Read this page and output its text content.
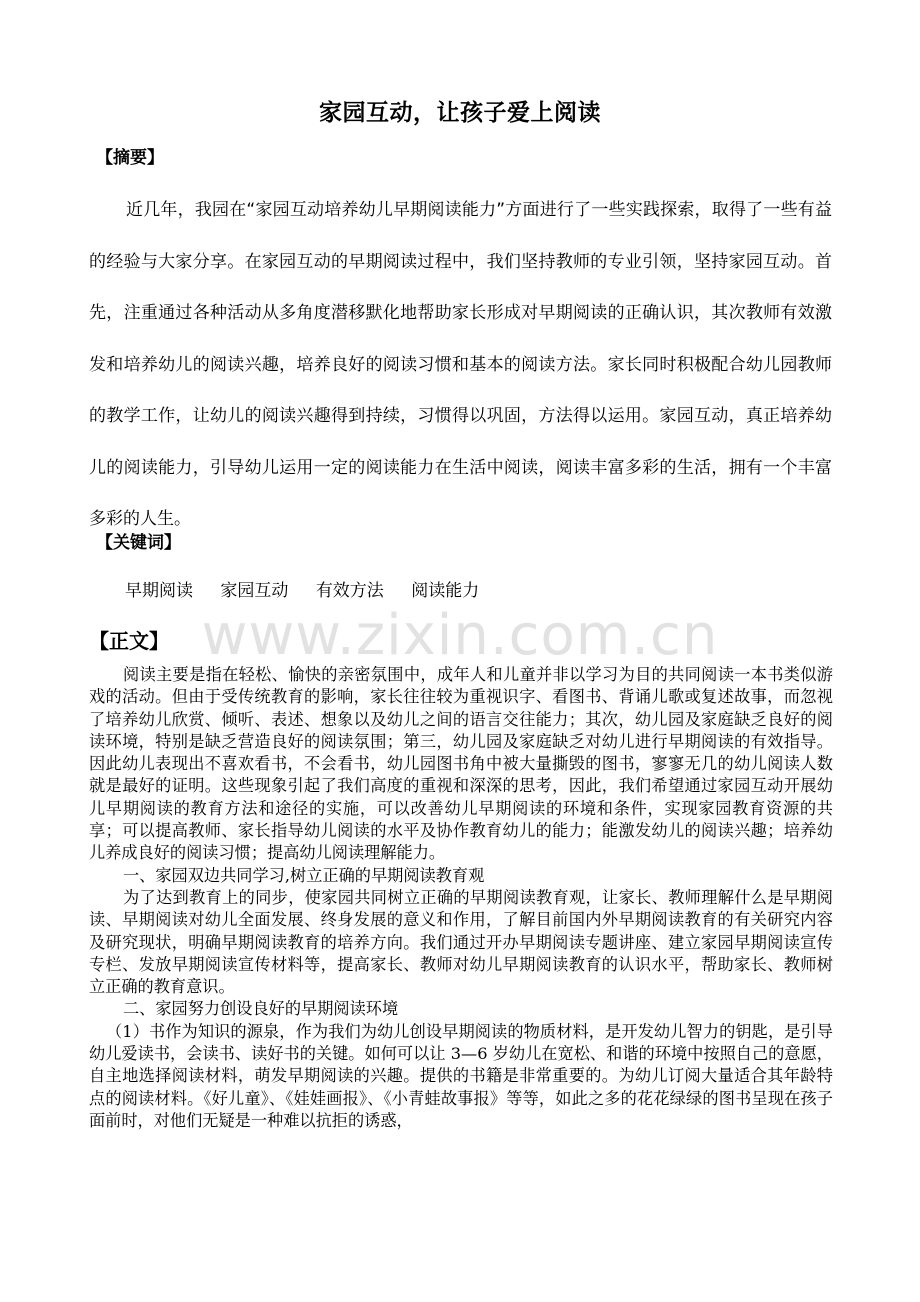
家园互动，让孩子爱上阅读
【摘要】

近几年，我园在“家园互动培养幼儿早期阅读能力”方面进行了一些实践探索，取得了一些有益的经验与大家分享。在家园互动的早期阅读过程中，我们坚持教师的专业引领，坚持家园互动。首先，注重通过各种活动从多角度潜移默化地帮助家长形成对早期阅读的正确认识，其次教师有效激发和培养幼儿的阅读兴趣，培养良好的阅读习惯和基本的阅读方法。家长同时积极配合幼儿园教师的教学工作，让幼儿的阅读兴趣得到持续，习惯得以巩固，方法得以运用。家园互动，真正培养幼儿的阅读能力，引导幼儿运用一定的阅读能力在生活中阅读，阅读丰富多彩的生活，拥有一个丰富多彩的人生。

【关键词】
早期阅读 家园互动 有效方法 阅读能力
www.zixin.com.cn
【正文】

阅读主要是指在轻松、愉快的亲密氛围中，成年人和儿童并非以学习为目的共同阅读一本书类似游戏的活动。但由于受传统教育的影响，家长往往较为重视识字、看图书、背诵儿歌或复述故事，而忽视了培养幼儿欣赏、倾听、表述、想象以及幼儿之间的语言交往能力；其次，幼儿园及家庭缺乏良好的阅读环境，特别是缺乏营造良好的阅读氛围；第三，幼儿园及家庭缺乏对幼儿进行早期阅读的有效指导。因此幼儿表现出不喜欢看书，不会看书，幼儿园图书角中被大量撕毁的图书，寥寥无几的幼儿阅读人数就是最好的证明。这些现象引起了我们高度的重视和深深的思考，因此，我们希望通过家园互动开展幼儿早期阅读的教育方法和途径的实施，可以改善幼儿早期阅读的环境和条件，实现家园教育资源的共享；可以提高教师、家长指导幼儿阅读的水平及协作教育幼儿的能力；能激发幼儿的阅读兴趣；培养幼儿养成良好的阅读习惯；提高幼儿阅读理解能力。

一、家园双边共同学习,树立正确的早期阅读教育观

为了达到教育上的同步，使家园共同树立正确的早期阅读教育观，让家长、教师理解什么是早期阅读、早期阅读对幼儿全面发展、终身发展的意义和作用，了解目前国内外早期阅读教育的有关研究内容及研究现状，明确早期阅读教育的培养方向。我们通过开办早期阅读专题讲座、建立家园早期阅读宣传专栏、发放早期阅读宣传材料等，提高家长、教师对幼儿早期阅读教育的认识水平，帮助家长、教师树立正确的教育意识。

二、家园努力创设良好的早期阅读环境

（1）书作为知识的源泉，作为我们为幼儿创设早期阅读的物质材料，是开发幼儿智力的钥匙，是引导幼儿爱读书，会读书、读好书的关键。如何可以让 3—6 岁幼儿在宽松、和谐的环境中按照自己的意愿，自主地选择阅读材料，萌发早期阅读的兴趣。提供的书籍是非常重要的。为幼儿订阅大量适合其年龄特点的阅读材料。《好儿童》、《娃娃画报》、《小青蛙故事报》等等，如此之多的花花绿绿的图书呈现在孩子面前时，对他们无疑是一种难以抗拒的诱惑，
